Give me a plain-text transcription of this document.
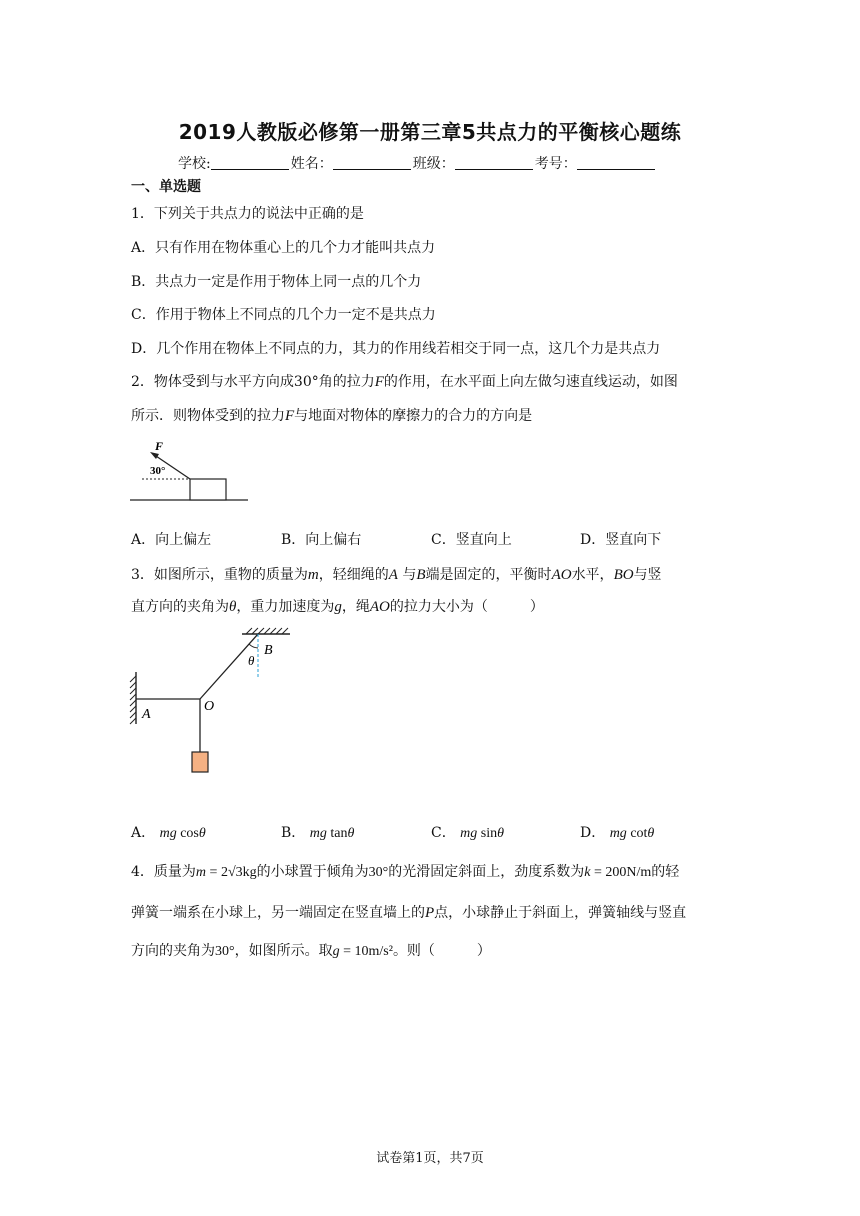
2019人教版必修第一册第三章5共点力的平衡核心题练
学校:	姓名：	班级：	考号：
一、单选题
1．下列关于共点力的说法中正确的是
A．只有作用在物体重心上的几个力才能叫共点力
B．共点力一定是作用于物体上同一点的几个力
C．作用于物体上不同点的几个力一定不是共点力
D．几个作用在物体上不同点的力，其力的作用线若相交于同一点，这几个力是共点力
2．物体受到与水平方向成30°角的拉力F的作用，在水平面上向左做匀速直线运动，如图
所示．则物体受到的拉力F与地面对物体的摩擦力的合力的方向是
F
30°
A．向上偏左	B．向上偏右	C．竖直向上	D．竖直向下
3．如图所示，重物的质量为m，轻细绳的A 与B端是固定的，平衡时AO水平，BO与竖
直方向的夹角为θ，重力加速度为g，绳AO的拉力大小为（　　　）
A
O
B
θ
A． mg cosθ	B． mg tanθ	C． mg sinθ	D． mg cotθ
4．质量为m = 2√3kg的小球置于倾角为30°的光滑固定斜面上，劲度系数为k = 200N/m的轻
弹簧一端系在小球上，另一端固定在竖直墙上的P点，小球静止于斜面上，弹簧轴线与竖直
方向的夹角为30°，如图所示。取g = 10m/s²。则（　　　）
试卷第1页，共7页
